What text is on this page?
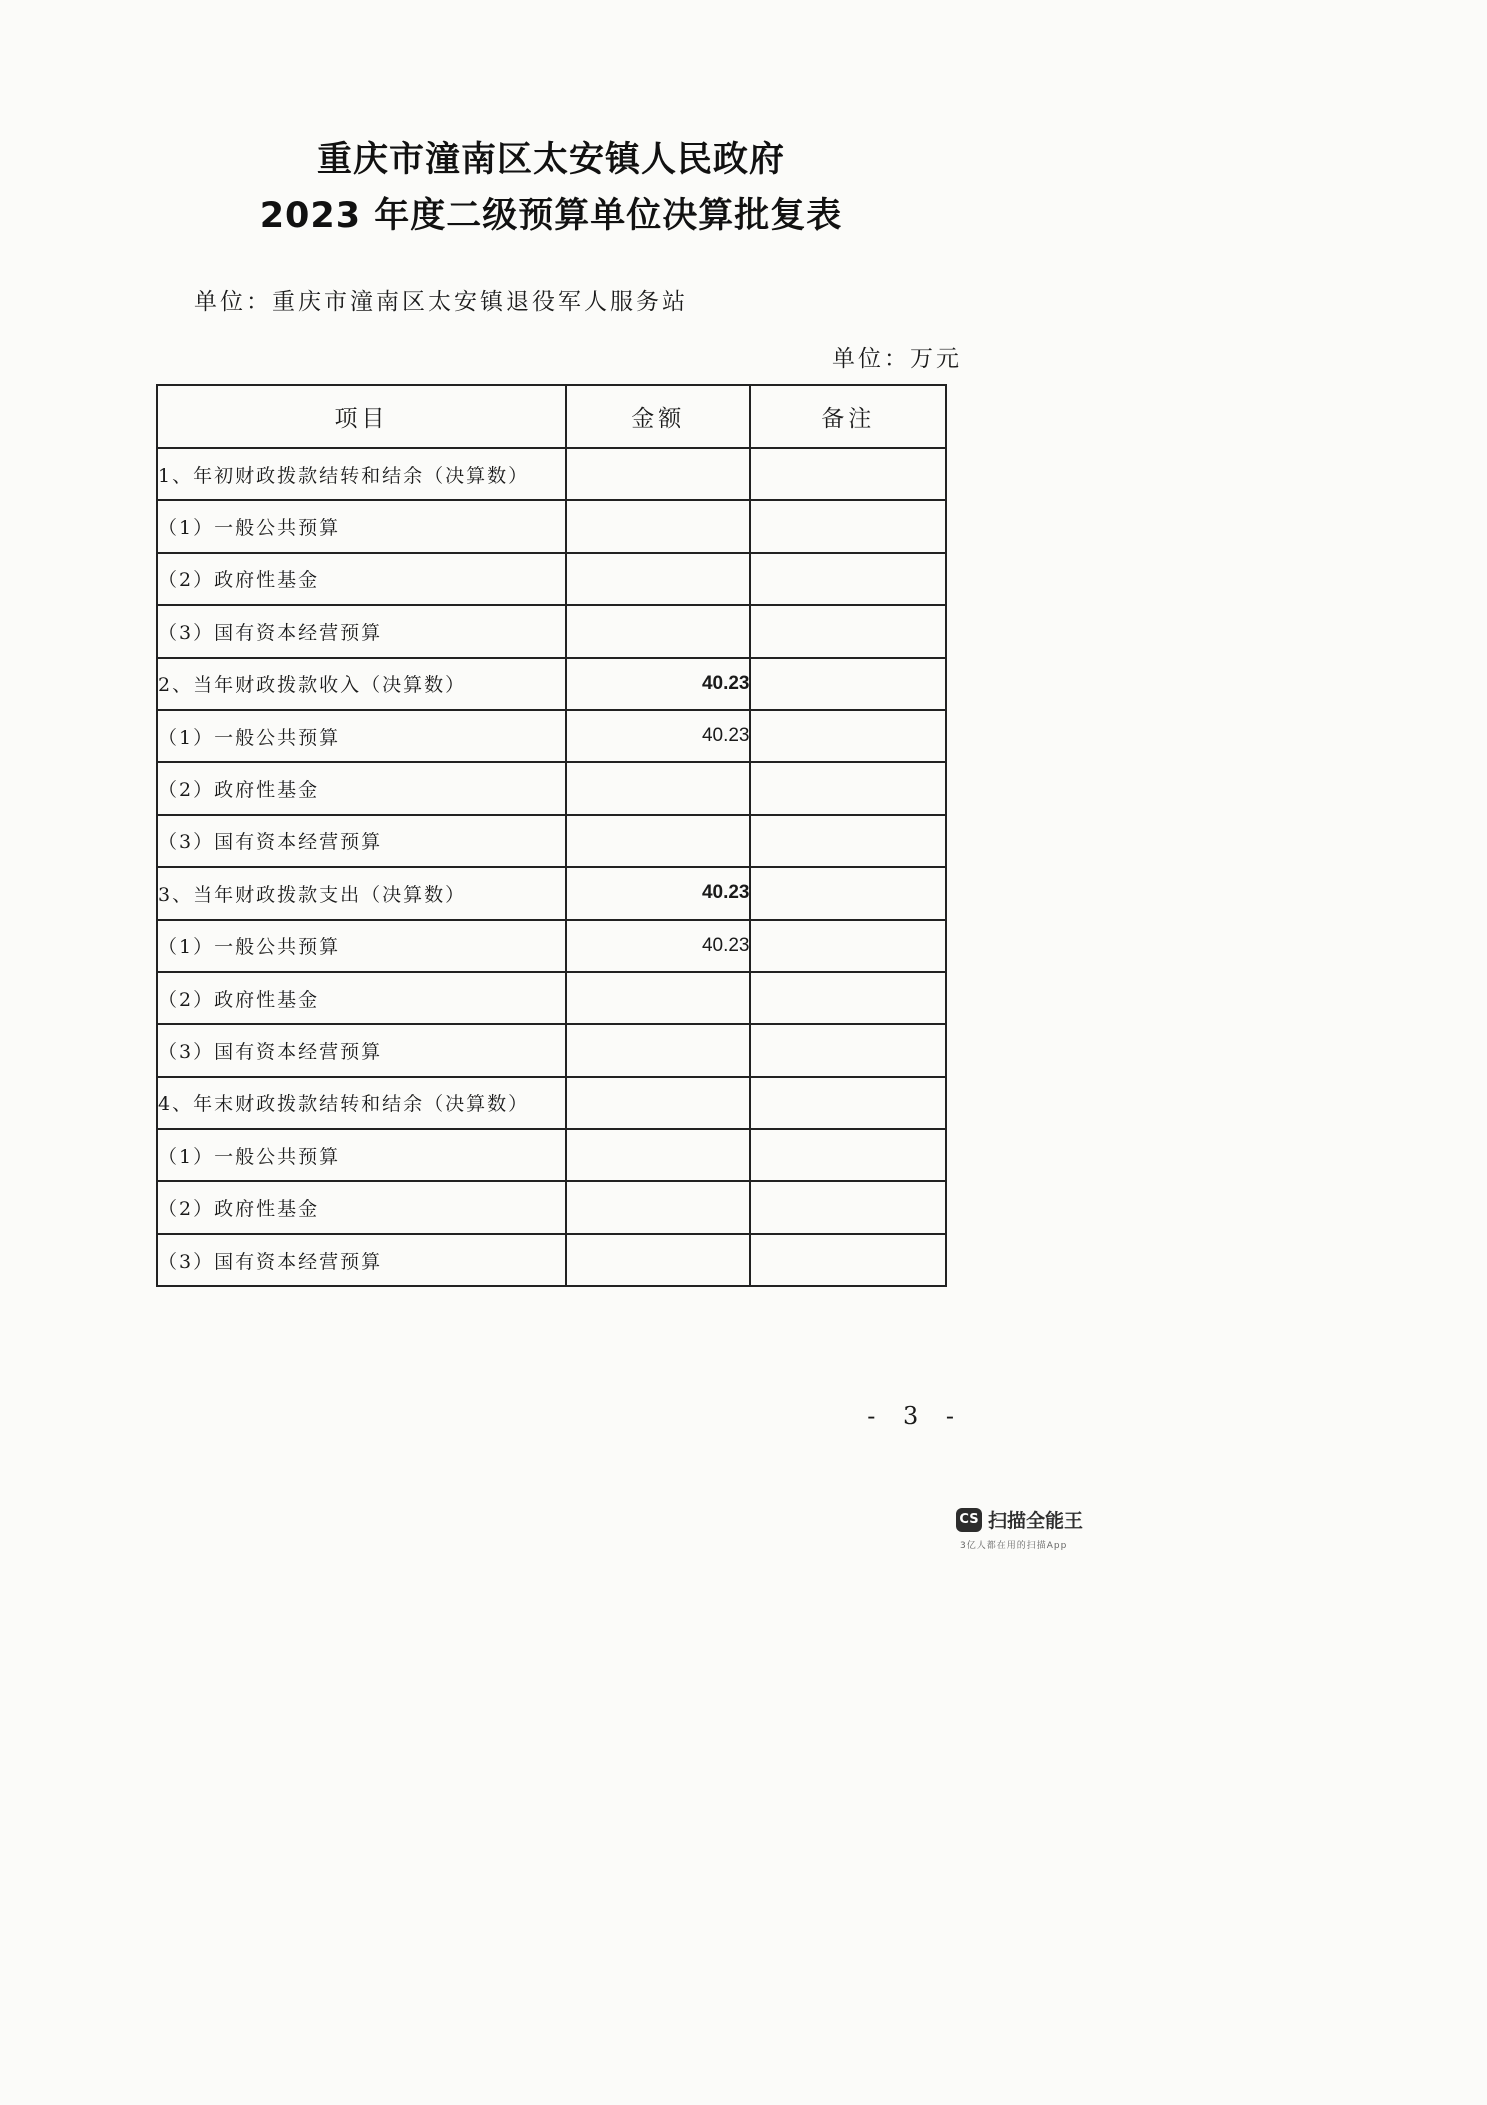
重庆市潼南区太安镇人民政府
2023 年度二级预算单位决算批复表
单位：重庆市潼南区太安镇退役军人服务站
单位：万元
项目	金额	备注
1、年初财政拨款结转和结余（决算数）		
（1）一般公共预算		
（2）政府性基金		
（3）国有资本经营预算		
2、当年财政拨款收入（决算数）	40.23	
（1）一般公共预算	40.23	
（2）政府性基金		
（3）国有资本经营预算		
3、当年财政拨款支出（决算数）	40.23	
（1）一般公共预算	40.23	
（2）政府性基金		
（3）国有资本经营预算		
4、年末财政拨款结转和结余（决算数）		
（1）一般公共预算		
（2）政府性基金		
（3）国有资本经营预算		
- 3 -
CS 扫描全能王
3亿人都在用的扫描App
